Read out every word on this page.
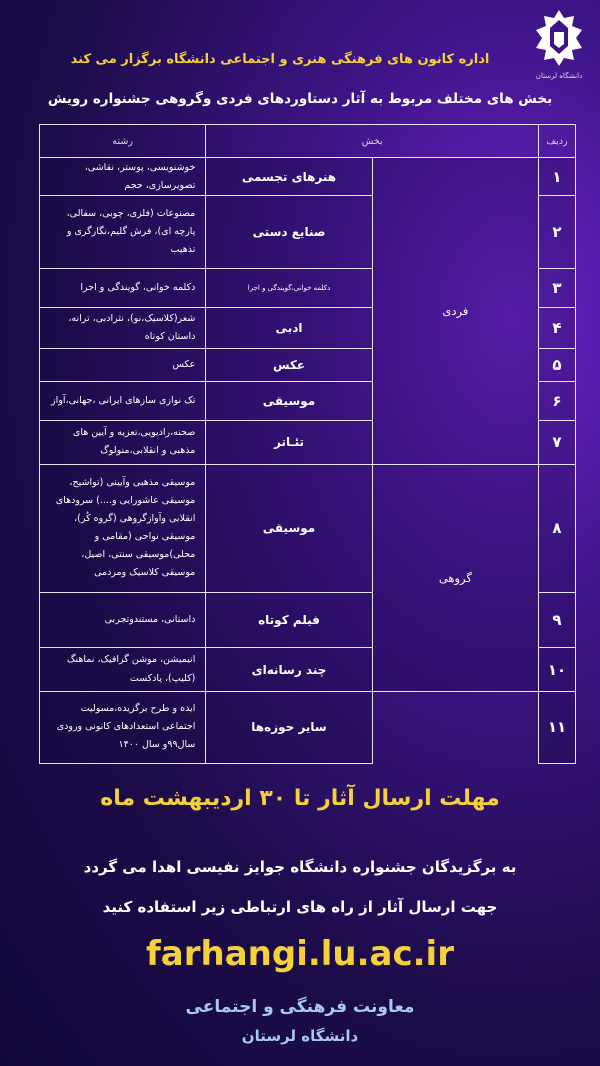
دانشگاه لرستان
اداره کانون های فرهنگی هنری و اجتماعی دانشگاه برگزار می کند
بخش های مختلف مربوط به آثار دستاوردهای فردی وگروهی جشنواره رویش
ردیف	بخش		رشته
۱	فردی	هنرهای تجسمی	خوشنویسی، پوستر، نقاشی، تصویرسازی، حجم
۲		صنایع دستی	مصنوعات (فلزی، چوبی، سفالی، پارچه ای)، فرش گلیم،نگارگری و تذهیب
۳		دکلمه خوانی،گویندگی و اجرا	دکلمه خوانی، گویندگی و اجرا
۴		ادبی	شعر(کلاسیک،نو)، نثرادبی، ترانه، داستان کوتاه
۵		عکس	عکس
۶		موسیقی	تک نوازی سازهای ایرانی ،جهانی،آواز
۷		تئـاتر	صحنه،رادیویی،تعزیه و آیین های مذهبی و انقلابی،منولوگ
۸	گروهی	موسیقی	موسیقی مذهبی وآیینی (تواشیح، موسیقی عاشورایی و....) سرودهای انقلابی وآوازگروهی (گروه کُر)، موسیقی نواحی (مقامی و محلی)موسیقی سنتی، اصیل، موسیقی کلاسیک ومردمی
۹		فیلم کوتاه	داستانی، مستندوتجربی
۱۰		چند رسانه‌ای	انیمیشن، موشن گرافیک، نماهنگ (کلیپ)، پادکست
۱۱		سایر حوزه‌ها	ایده و طرح برگزیده،مسولیت اجتماعی استعدادهای کانونی ورودی سال۹۹و سال ۱۴۰۰
مهلت ارسال آثار تا ۳۰ اردیبهشت ماه
به برگزیدگان جشنواره دانشگاه جوایز نفیسی اهدا می گردد
جهت ارسال آثار از راه های ارتباطی زیر استفاده کنید
farhangi.lu.ac.ir
معاونت فرهنگی و اجتماعی
دانشگاه لرستان
